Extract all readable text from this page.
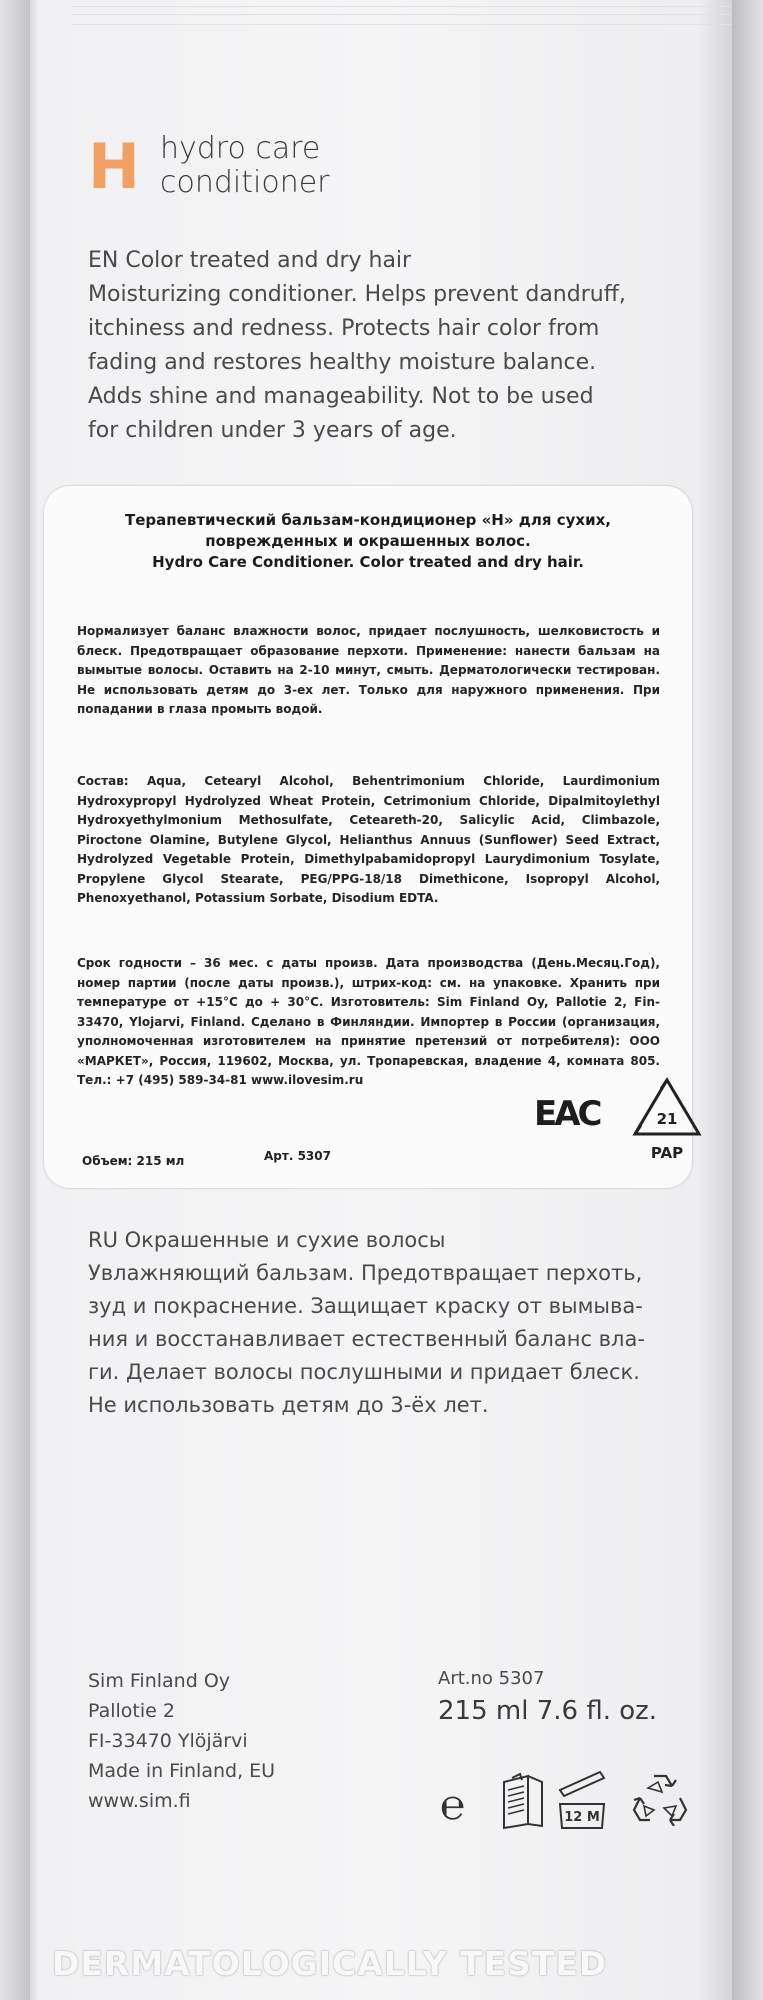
H hydro care
conditioner
EN Color treated and dry hair
Moisturizing conditioner. Helps prevent dandruff,
itchiness and redness. Protects hair color from
fading and restores healthy moisture balance.
Adds shine and manageability. Not to be used
for children under 3 years of age.
Терапевтический бальзам-кондиционер «H» для сухих,
поврежденных и окрашенных волос.
Hydro Care Conditioner. Color treated and dry hair.
Нормализует баланс влажности волос, придает послушность, шелковистость и блеск. Предотвращает образование перхоти. Применение: нанести бальзам на вымытые волосы. Оставить на 2-10 минут, смыть. Дерматологически тестирован. Не использовать детям до 3-ех лет. Только для наружного применения. При попадании в глаза промыть водой.
Состав: Aqua, Cetearyl Alcohol, Behentrimonium Chloride, Laurdimonium Hydroxypropyl Hydrolyzed Wheat Protein, Cetrimonium Chloride, Dipalmitoylethyl Hydroxyethylmonium Methosulfate, Ceteareth-20, Salicylic Acid, Climbazole, Piroctone Olamine, Butylene Glycol, Helianthus Annuus (Sunflower) Seed Extract, Hydrolyzed Vegetable Protein, Dimethylpabamidopropyl Laurydimonium Tosylate, Propylene Glycol Stearate, PEG/PPG-18/18 Dimethicone, Isopropyl Alcohol, Phenoxyethanol, Potassium Sorbate, Disodium EDTA.
Срок годности – 36 мес. с даты произв. Дата производства (День.Месяц.Год), номер партии (после даты произв.), штрих-код: см. на упаковке. Хранить при температуре от +15°С до + 30°С. Изготовитель: Sim Finland Oy, Pallotie 2, Fin-33470, Ylojarvi, Finland. Сделано в Финляндии. Импортер в России (организация, уполномоченная изготовителем на принятие претензий от потребителя): ООО «МАРКЕТ», Россия, 119602, Москва, ул. Тропаревская, владение 4, комната 805. Тел.: +7 (495) 589-34-81 www.ilovesim.ru
EAC	21
PAP
Объем: 215 мл	Арт. 5307
RU Окрашенные и сухие волосы
Увлажняющий бальзам. Предотвращает перхоть,
зуд и покраснение. Защищает краску от вымыва-
ния и восстанавливает естественный баланс вла-
ги. Делает волосы послушными и придает блеск.
Не использовать детям до 3-ёх лет.
Sim Finland Oy
Pallotie 2
FI-33470 Ylöjärvi
Made in Finland, EU
www.sim.fi
Art.no 5307
215 ml 7.6 fl. oz.
℮	12 M
DERMATOLOGICALLY TESTED
